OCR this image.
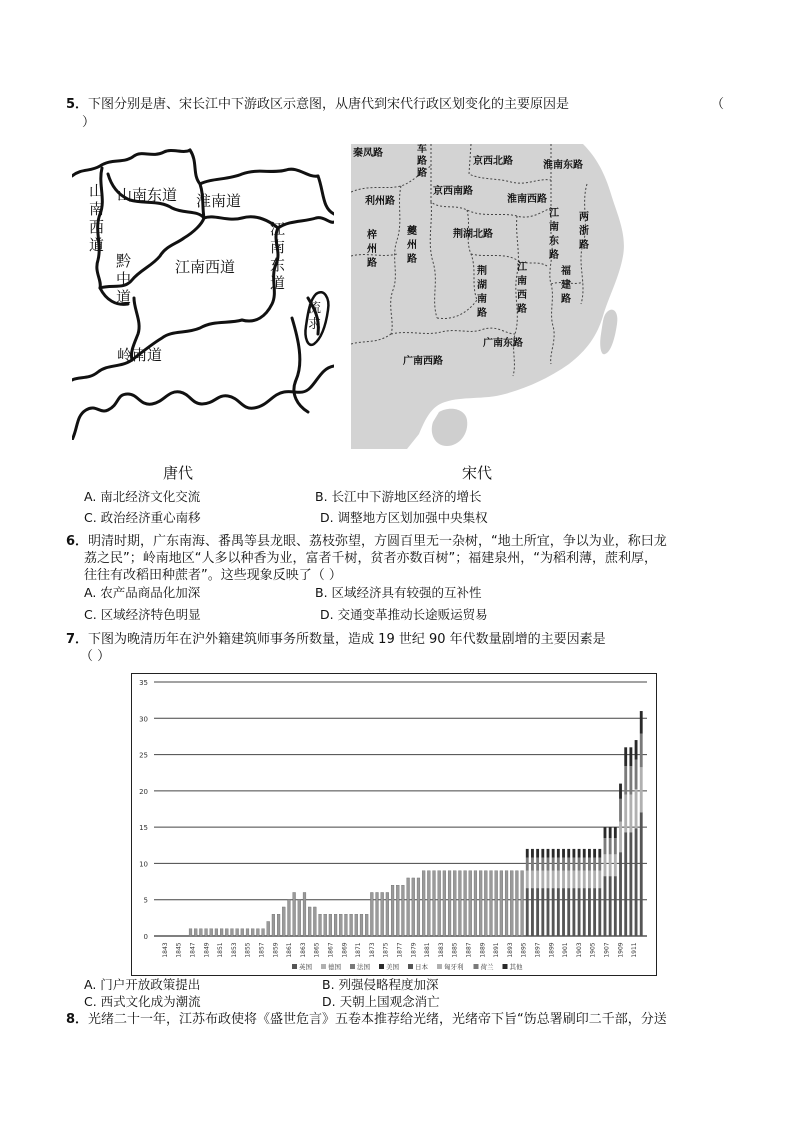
5．下图分别是唐、宋长江中下游政区示意图，从唐代到宋代行政区划变化的主要原因是	（
）
山
南
西
道
山南东道 淮南道
江
南
东
道
黔
中
道
江南西道
岭南道
流
求
秦凤路	车
路	京西北路	淮南东路
路
利州路
京西南路
淮南西路
梓
州
路
夔
州
路
荆湖北路
江
南
东
路
两
浙
路
荆
湖
南
路
江
南
西
路
福
建
路
广南东路
广南西路
唐代	宋代
A. 南北经济文化交流	B. 长江中下游地区经济的增长
C. 政治经济重心南移	D. 调整地方区划加强中央集权
6．明清时期，广东南海、番禺等县龙眼、荔枝弥望，方圆百里无一杂树，“地土所宜，争以为业，称曰龙
荔之民”；岭南地区“人多以种香为业，富者千树，贫者亦数百树”；福建泉州，“为稻利薄，蔗利厚，
往往有改稻田种蔗者”。这些现象反映了（ ）
A. 农产品商品化加深	B. 区域经济具有较强的互补性
C. 区域经济特色明显	D. 交通变革推动长途贩运贸易
7．下图为晚清历年在沪外籍建筑师事务所数量，造成 19 世纪 90 年代数量剧增的主要因素是
（ ）
0
5
10
15
20
25
30
35
1843 1845 1847 1849 1851 1853 1855 1857 1859 1861 1863 1865 1867 1869 1871 1873 1875 1877 1879 1881 1883 1885 1887 1889 1891 1893 1895 1897 1899 1901 1903 1905 1907 1909 1911
英国 德国 法国 美国 日本 匈牙利	荷兰 其他
A. 门户开放政策提出	B. 列强侵略程度加深
C. 西式文化成为潮流	D. 天朝上国观念消亡
8．光绪二十一年，江苏布政使将《盛世危言》五卷本推荐给光绪，光绪帝下旨“饬总署刷印二千部，分送
